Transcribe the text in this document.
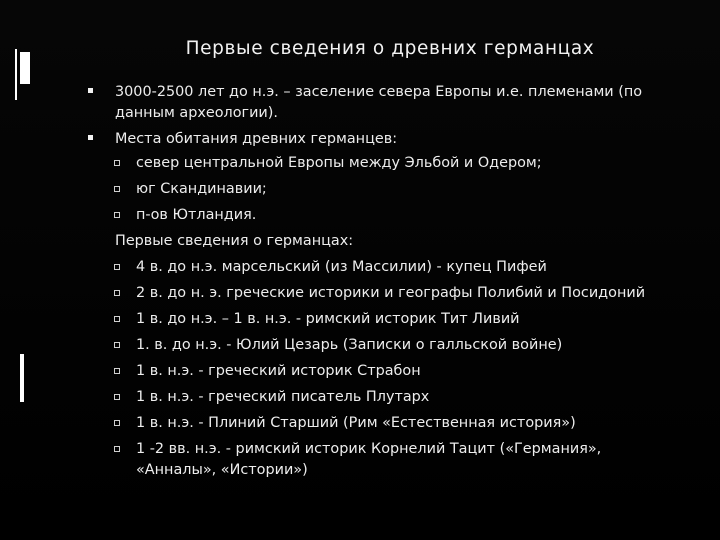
Первые сведения о древних германцах
3000-2500 лет до н.э. – заселение севера Европы и.е. племенами (по данным археологии).
Места обитания древних германцев:
север центральной Европы между Эльбой и Одером;
юг Скандинавии;
п-ов Ютландия.
Первые сведения о германцах:
4 в. до н.э. марсельский (из Массилии) - купец Пифей
2 в. до н. э. греческие историки и географы Полибий и Посидоний
1 в. до н.э. – 1 в. н.э. - римский историк Тит Ливий
1. в. до н.э. - Юлий Цезарь (Записки о галльской войне)
1 в. н.э. - греческий историк Страбон
1 в. н.э. - греческий писатель Плутарх
1 в. н.э. - Плиний Старший (Рим «Естественная история»)
1 -2 вв. н.э. - римский историк Корнелий Тацит («Германия», «Анналы», «Истории»)
